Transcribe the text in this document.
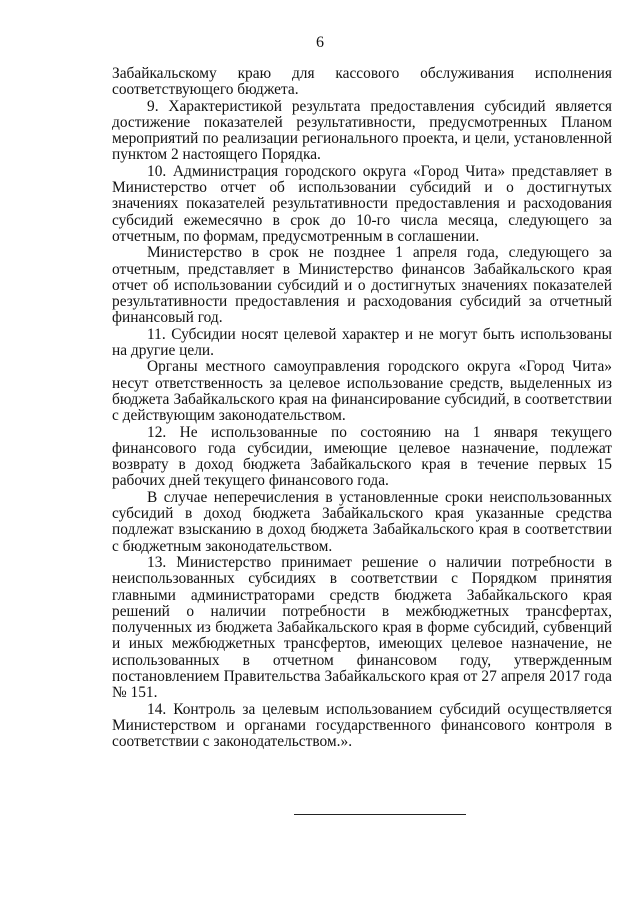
6

Забайкальскому краю для кассового обслуживания исполнения соответствующего бюджета.

9. Характеристикой результата предоставления субсидий является достижение показателей результативности, предусмотренных Планом мероприятий по реализации регионального проекта, и цели, установленной пунктом 2 настоящего Порядка.

10. Администрация городского округа «Город Чита» представляет в Министерство отчет об использовании субсидий и о достигнутых значениях показателей результативности предоставления и расходования субсидий ежемесячно в срок до 10-го числа месяца, следующего за отчетным, по формам, предусмотренным в соглашении.

Министерство в срок не позднее 1 апреля года, следующего за отчетным, представляет в Министерство финансов Забайкальского края отчет об использовании субсидий и о достигнутых значениях показателей результативности предоставления и расходования субсидий за отчетный финансовый год.

11. Субсидии носят целевой характер и не могут быть использованы на другие цели.

Органы местного самоуправления городского округа «Город Чита» несут ответственность за целевое использование средств, выделенных из бюджета Забайкальского края на финансирование субсидий, в соответствии с действующим законодательством.

12. Не использованные по состоянию на 1 января текущего финансового года субсидии, имеющие целевое назначение, подлежат возврату в доход бюджета Забайкальского края в течение первых 15 рабочих дней текущего финансового года.

В случае неперечисления в установленные сроки неиспользованных субсидий в доход бюджета Забайкальского края указанные средства подлежат взысканию в доход бюджета Забайкальского края в соответствии с бюджетным законодательством.

13. Министерство принимает решение о наличии потребности в неиспользованных субсидиях в соответствии с Порядком принятия главными администраторами средств бюджета Забайкальского края решений о наличии потребности в межбюджетных трансфертах, полученных из бюджета Забайкальского края в форме субсидий, субвенций и иных межбюджетных трансфертов, имеющих целевое назначение, не использованных в отчетном финансовом году, утвержденным постановлением Правительства Забайкальского края от 27 апреля 2017 года № 151.

14. Контроль за целевым использованием субсидий осуществляется Министерством и органами государственного финансового контроля в соответствии с законодательством.».
